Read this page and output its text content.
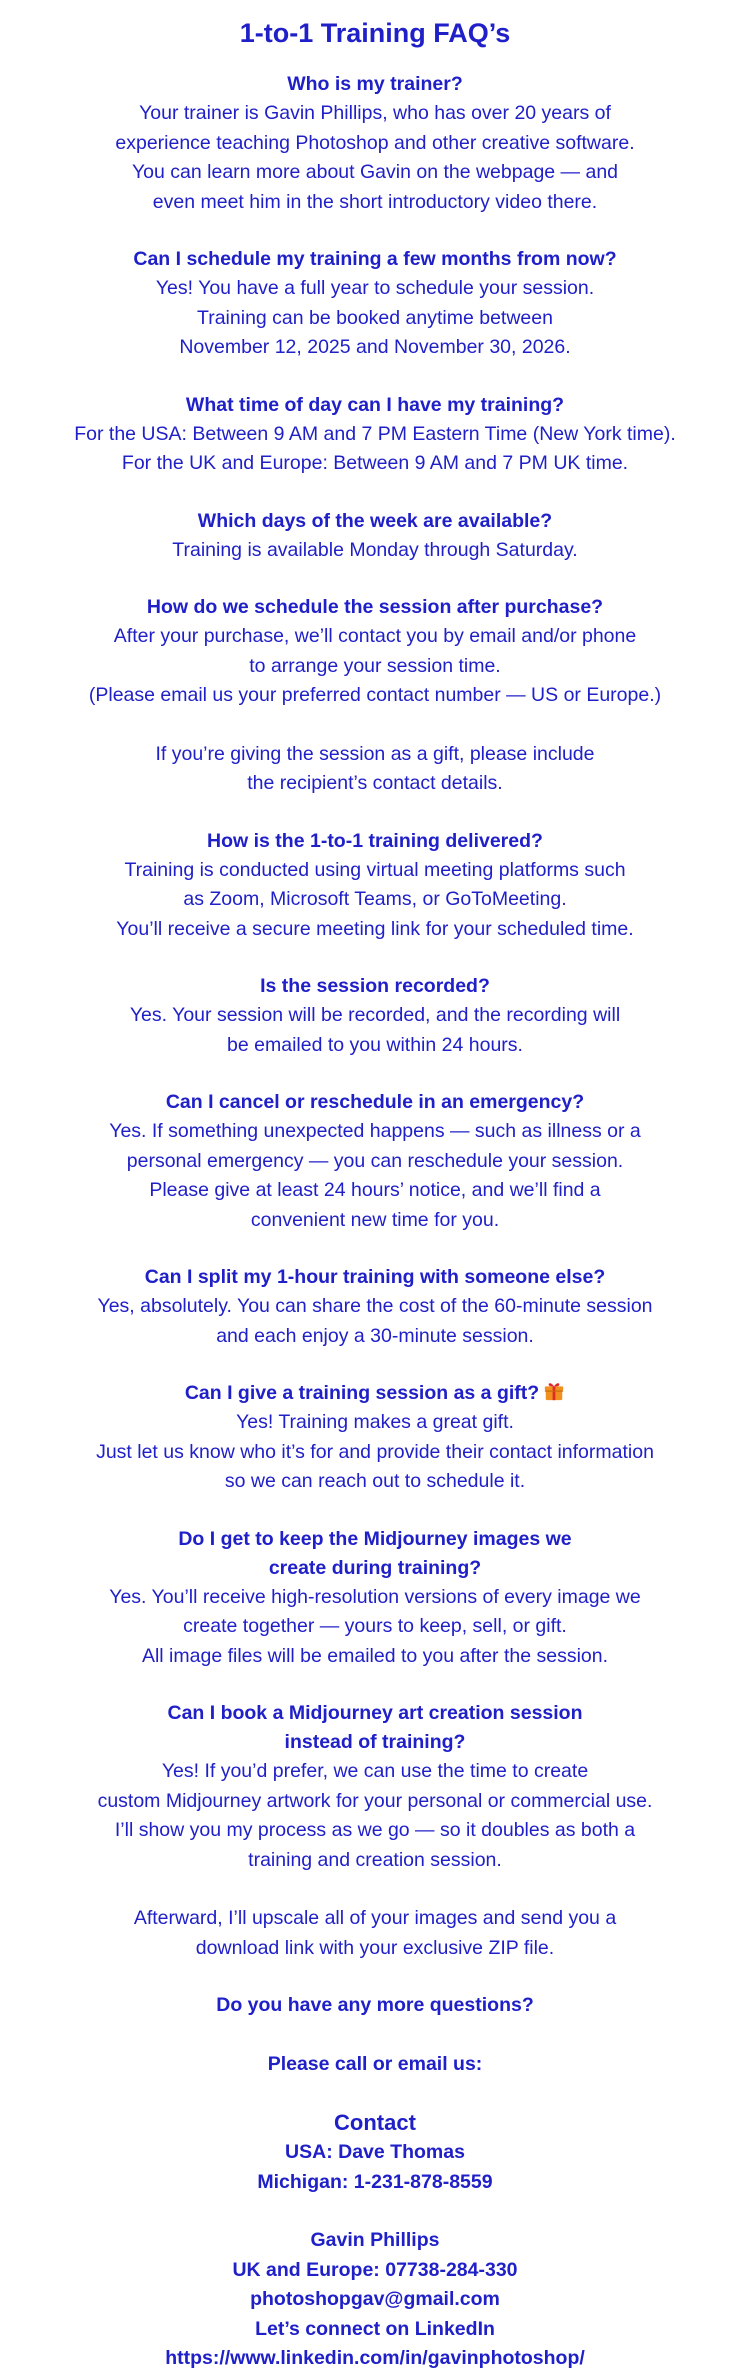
1-to-1 Training FAQ’s
Who is my trainer?
Your trainer is Gavin Phillips, who has over 20 years of
experience teaching Photoshop and other creative software.
You can learn more about Gavin on the webpage — and
even meet him in the short introductory video there.
Can I schedule my training a few months from now?
Yes! You have a full year to schedule your session.
Training can be booked anytime between
November 12, 2025 and November 30, 2026.
What time of day can I have my training?
For the USA: Between 9 AM and 7 PM Eastern Time (New York time).
For the UK and Europe: Between 9 AM and 7 PM UK time.
Which days of the week are available?
Training is available Monday through Saturday.
How do we schedule the session after purchase?
After your purchase, we’ll contact you by email and/or phone
to arrange your session time.
(Please email us your preferred contact number — US or Europe.)
If you’re giving the session as a gift, please include
the recipient’s contact details.
How is the 1-to-1 training delivered?
Training is conducted using virtual meeting platforms such
as Zoom, Microsoft Teams, or GoToMeeting.
You’ll receive a secure meeting link for your scheduled time.
Is the session recorded?
Yes. Your session will be recorded, and the recording will
be emailed to you within 24 hours.
Can I cancel or reschedule in an emergency?
Yes. If something unexpected happens — such as illness or a
personal emergency — you can reschedule your session.
Please give at least 24 hours’ notice, and we’ll find a
convenient new time for you.
Can I split my 1-hour training with someone else?
Yes, absolutely. You can share the cost of the 60-minute session
and each enjoy a 30-minute session.
Can I give a training session as a gift?
Yes! Training makes a great gift.
Just let us know who it’s for and provide their contact information
so we can reach out to schedule it.
Do I get to keep the Midjourney images we
create during training?
Yes. You’ll receive high-resolution versions of every image we
create together — yours to keep, sell, or gift.
All image files will be emailed to you after the session.
Can I book a Midjourney art creation session
instead of training?
Yes! If you’d prefer, we can use the time to create
custom Midjourney artwork for your personal or commercial use.
I’ll show you my process as we go — so it doubles as both a
training and creation session.
Afterward, I’ll upscale all of your images and send you a
download link with your exclusive ZIP file.
Do you have any more questions?
Please call or email us:
Contact
USA: Dave Thomas
Michigan: 1-231-878-8559
Gavin Phillips
UK and Europe: 07738-284-330
photoshopgav@gmail.com
Let’s connect on LinkedIn
https://www.linkedin.com/in/gavinphotoshop/
